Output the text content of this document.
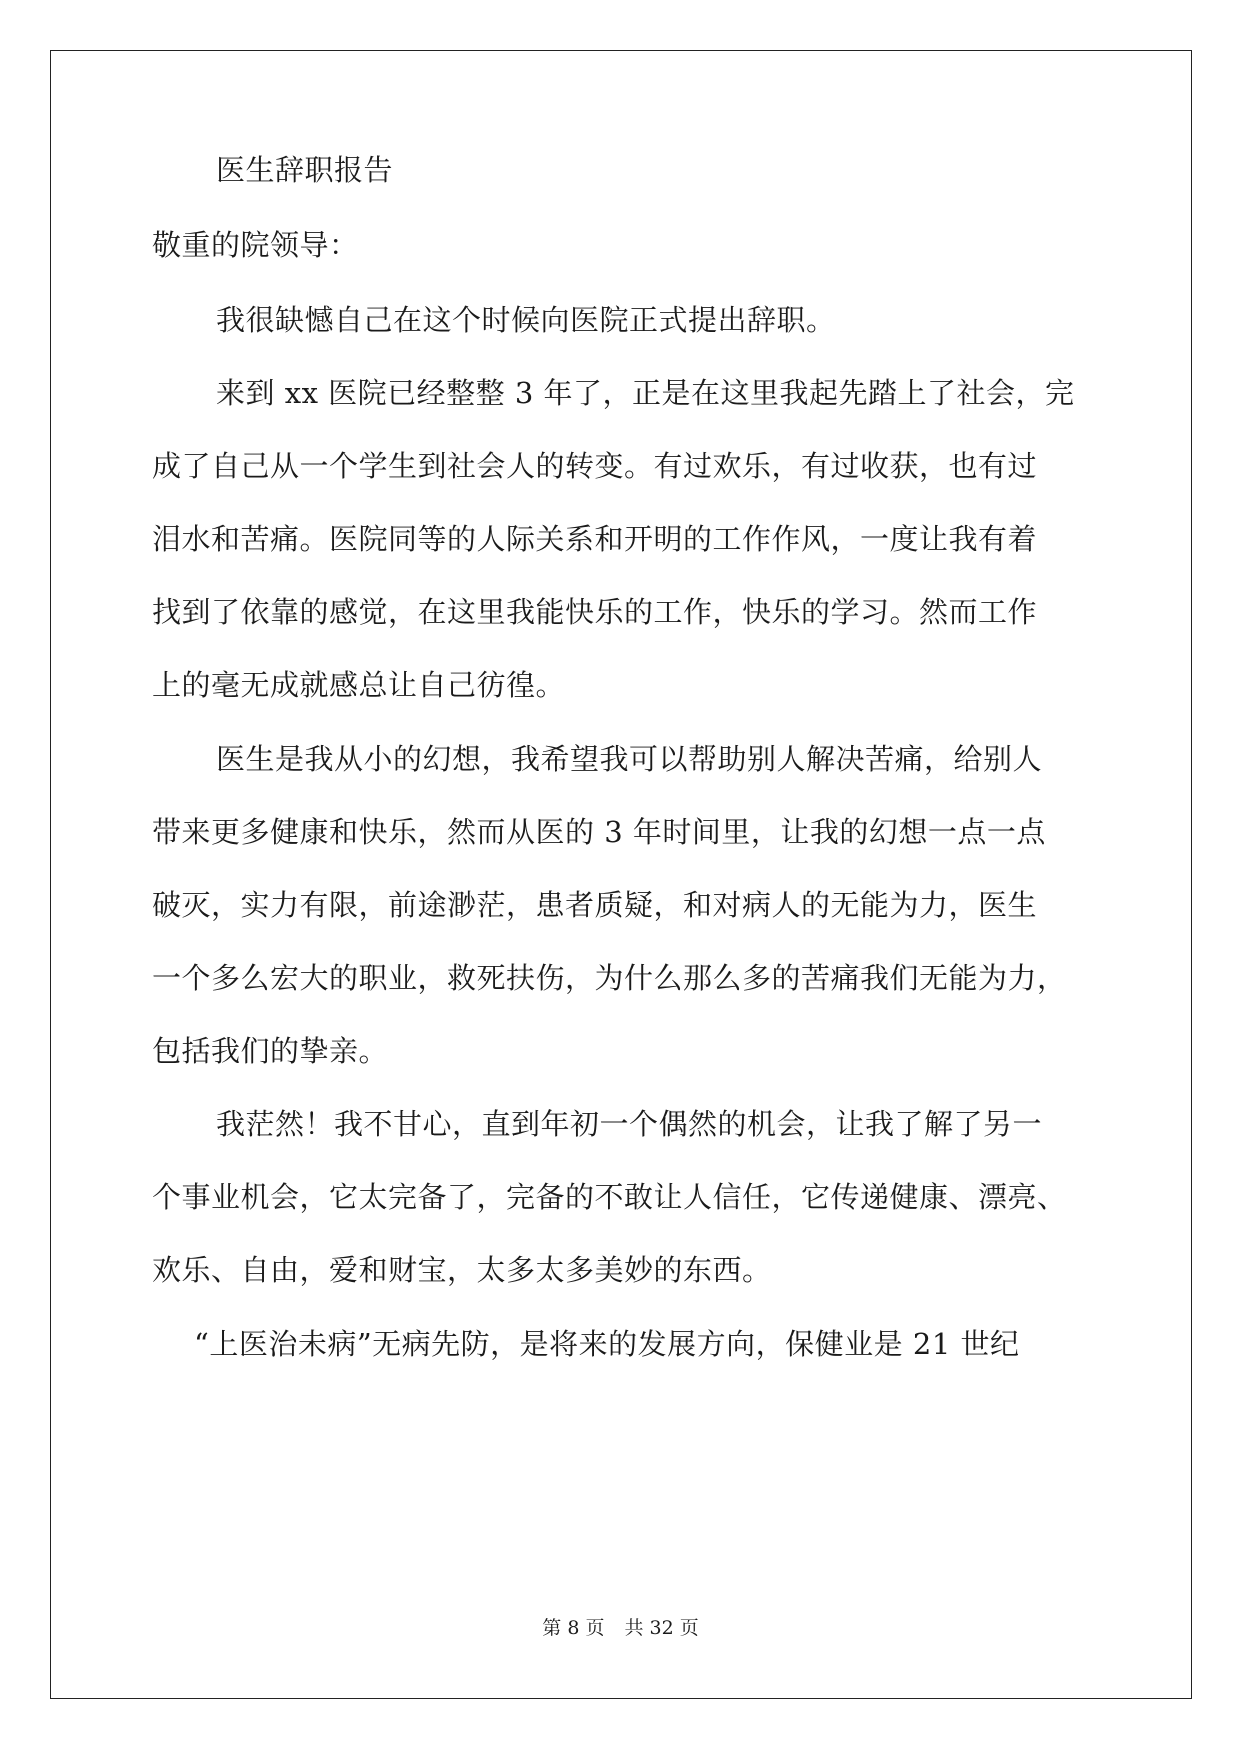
医生辞职报告
敬重的院领导：
我很缺憾自己在这个时候向医院正式提出辞职。
来到 xx 医院已经整整 3 年了，正是在这里我起先踏上了社会，完
成了自己从一个学生到社会人的转变。有过欢乐，有过收获，也有过
泪水和苦痛。医院同等的人际关系和开明的工作作风，一度让我有着
找到了依靠的感觉，在这里我能快乐的工作，快乐的学习。然而工作
上的毫无成就感总让自己彷徨。
医生是我从小的幻想，我希望我可以帮助别人解决苦痛，给别人
带来更多健康和快乐，然而从医的 3 年时间里，让我的幻想一点一点
破灭，实力有限，前途渺茫，患者质疑，和对病人的无能为力，医生
一个多么宏大的职业，救死扶伤，为什么那么多的苦痛我们无能为力，
包括我们的挚亲。
我茫然！我不甘心，直到年初一个偶然的机会，让我了解了另一
个事业机会，它太完备了，完备的不敢让人信任，它传递健康、漂亮、
欢乐、自由，爱和财宝，太多太多美妙的东西。
“上医治未病”无病先防，是将来的发展方向，保健业是 21 世纪
第 8 页 共 32 页
